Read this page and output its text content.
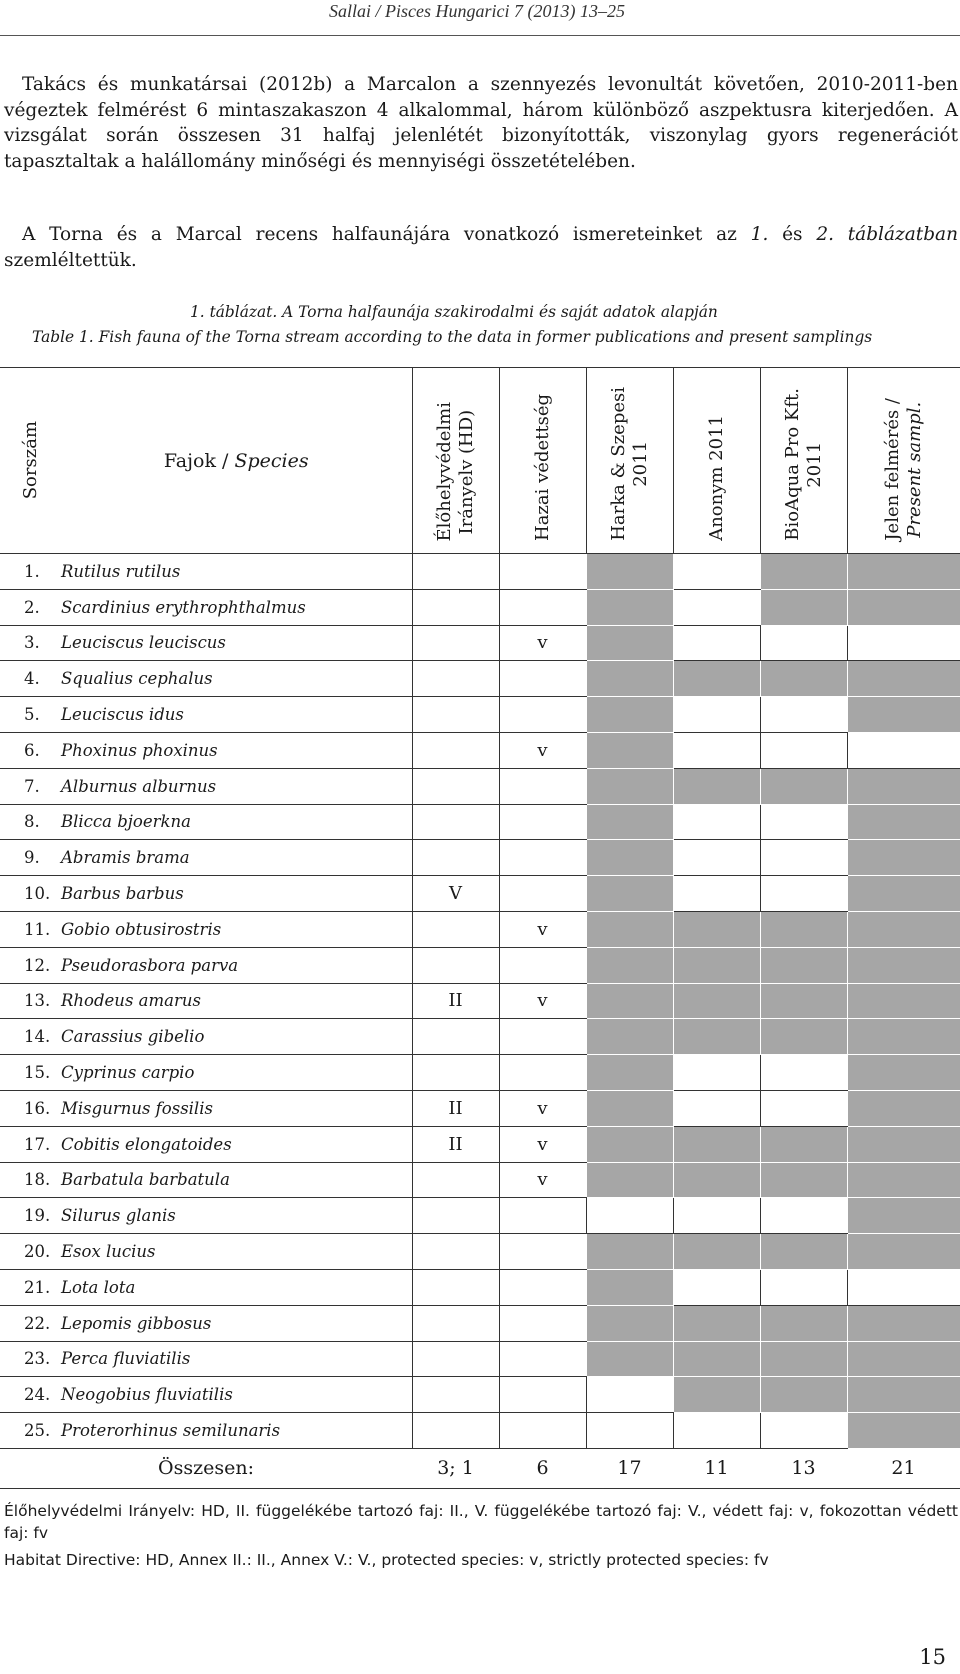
Sallai / Pisces Hungarici 7 (2013) 13–25

Takács és munkatársai (2012b) a Marcalon a szennyezés levonultát követően, 2010-2011-ben végeztek felmérést 6 mintaszakaszon 4 alkalommal, három különböző aszpektusra kiterjedően. A vizsgálat során összesen 31 halfaj jelenlétét bizonyították, viszonylag gyors regenerációt tapasztaltak a haláll​omány minőségi és mennyiségi összetételében.

A Torna és a Marcal recens halfaunájára vonatkozó ismereteinket az 1. és 2. táblázatban szemléltettük.

1. táblázat. A Torna halfaunája szakirodalmi és saját adatok alapján
Table 1. Fish fauna of the Torna stream according to the data in former publications and present samplings
Sorszám	Fajok / Species	Élőhelyvédelmi
Irányelv (HD)	Hazai védettség	Harka & Szepesi
2011	Anonym 2011	BioAqua Pro Kft.
2011	Jelen felmérés /
Present sampl.

1.	Rutilus rutilus						
2.	Scardinius erythrophthalmus						
3.	Leuciscus leuciscus		v				
4.	Squalius cephalus						
5.	Leuciscus idus						
6.	Phoxinus phoxinus		v				
7.	Alburnus alburnus						
8.	Blicca bjoerkna						
9.	Abramis brama						
10.	Barbus barbus	V					
11.	Gobio obtusirostris		v				
12.	Pseudorasbora parva						
13.	Rhodeus amarus	II	v				
14.	Carassius gibelio						
15.	Cyprinus carpio						
16.	Misgurnus fossilis	II	v				
17.	Cobitis elongatoides	II	v				
18.	Barbatula barbatula		v				
19.	Silurus glanis						
20.	Esox lucius						
21.	Lota lota						
22.	Lepomis gibbosus						
23.	Perca fluviatilis						
24.	Neogobius fluviatilis						
25.	Proterorhinus semilunaris						
Összesen:		3; 1	6	17	11	13	21

Élőhelyvédelmi Irányelv: HD, II. függelékébe tartozó faj: II., V. függelékébe tartozó faj: V., védett faj: v, fokozottan védett faj: fv

Habitat Directive: HD, Annex II.: II., Annex V.: V., protected species: v, strictly protected species: fv

15
